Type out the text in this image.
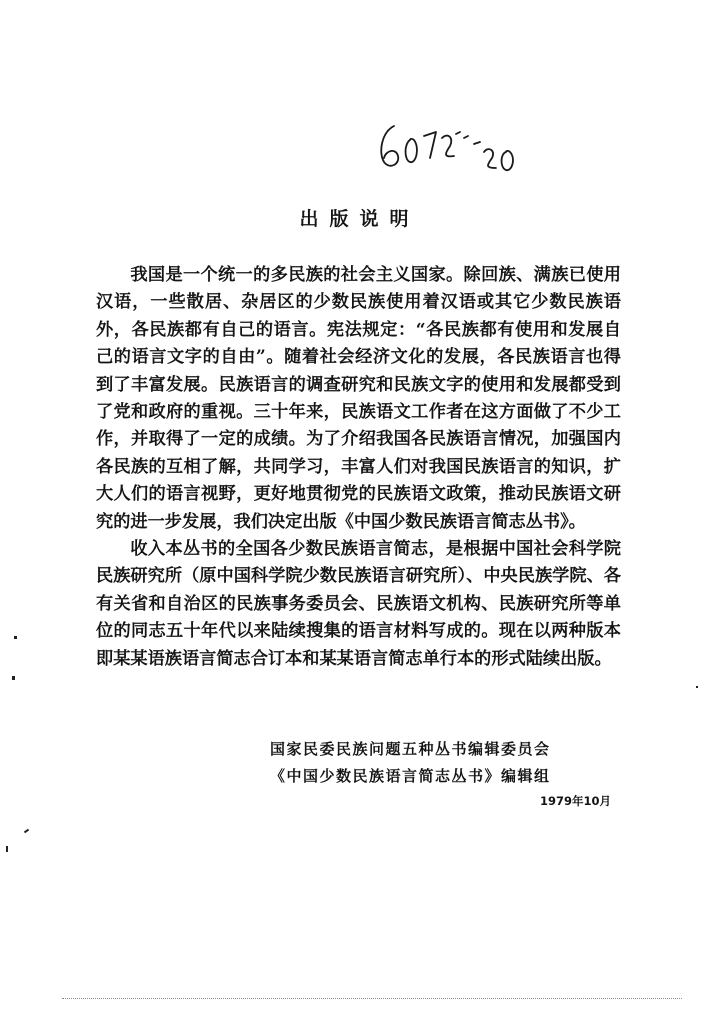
607-20
出版说明

我国是一个统一的多民族的社会主义国家。除回族、满族已使用汉语，一些散居、杂居区的少数民族使用着汉语或其它少数民族语外，各民族都有自己的语言。宪法规定：“各民族都有使用和发展自己的语言文字的自由”。随着社会经济文化的发展，各民族语言也得到了丰富发展。民族语言的调查研究和民族文字的使用和发展都受到了党和政府的重视。三十年来，民族语文工作者在这方面做了不少工作，并取得了一定的成绩。为了介绍我国各民族语言情况，加强国内各民族的互相了解，共同学习，丰富人们对我国民族语言的知识，扩大人们的语言视野，更好地贯彻党的民族语文政策，推动民族语文研究的进一步发展，我们决定出版《中国少数民族语言简志丛书》。

收入本丛书的全国各少数民族语言简志，是根据中国社会科学院民族研究所（原中国科学院少数民族语言研究所）、中央民族学院、各有关省和自治区的民族事务委员会、民族语文机构、民族研究所等单位的同志五十年代以来陆续搜集的语言材料写成的。现在以两种版本即某某语族语言简志合订本和某某语言简志单行本的形式陆续出版。

国家民委民族问题五种丛书编辑委员会
《中国少数民族语言简志丛书》编辑组
1979年10月
